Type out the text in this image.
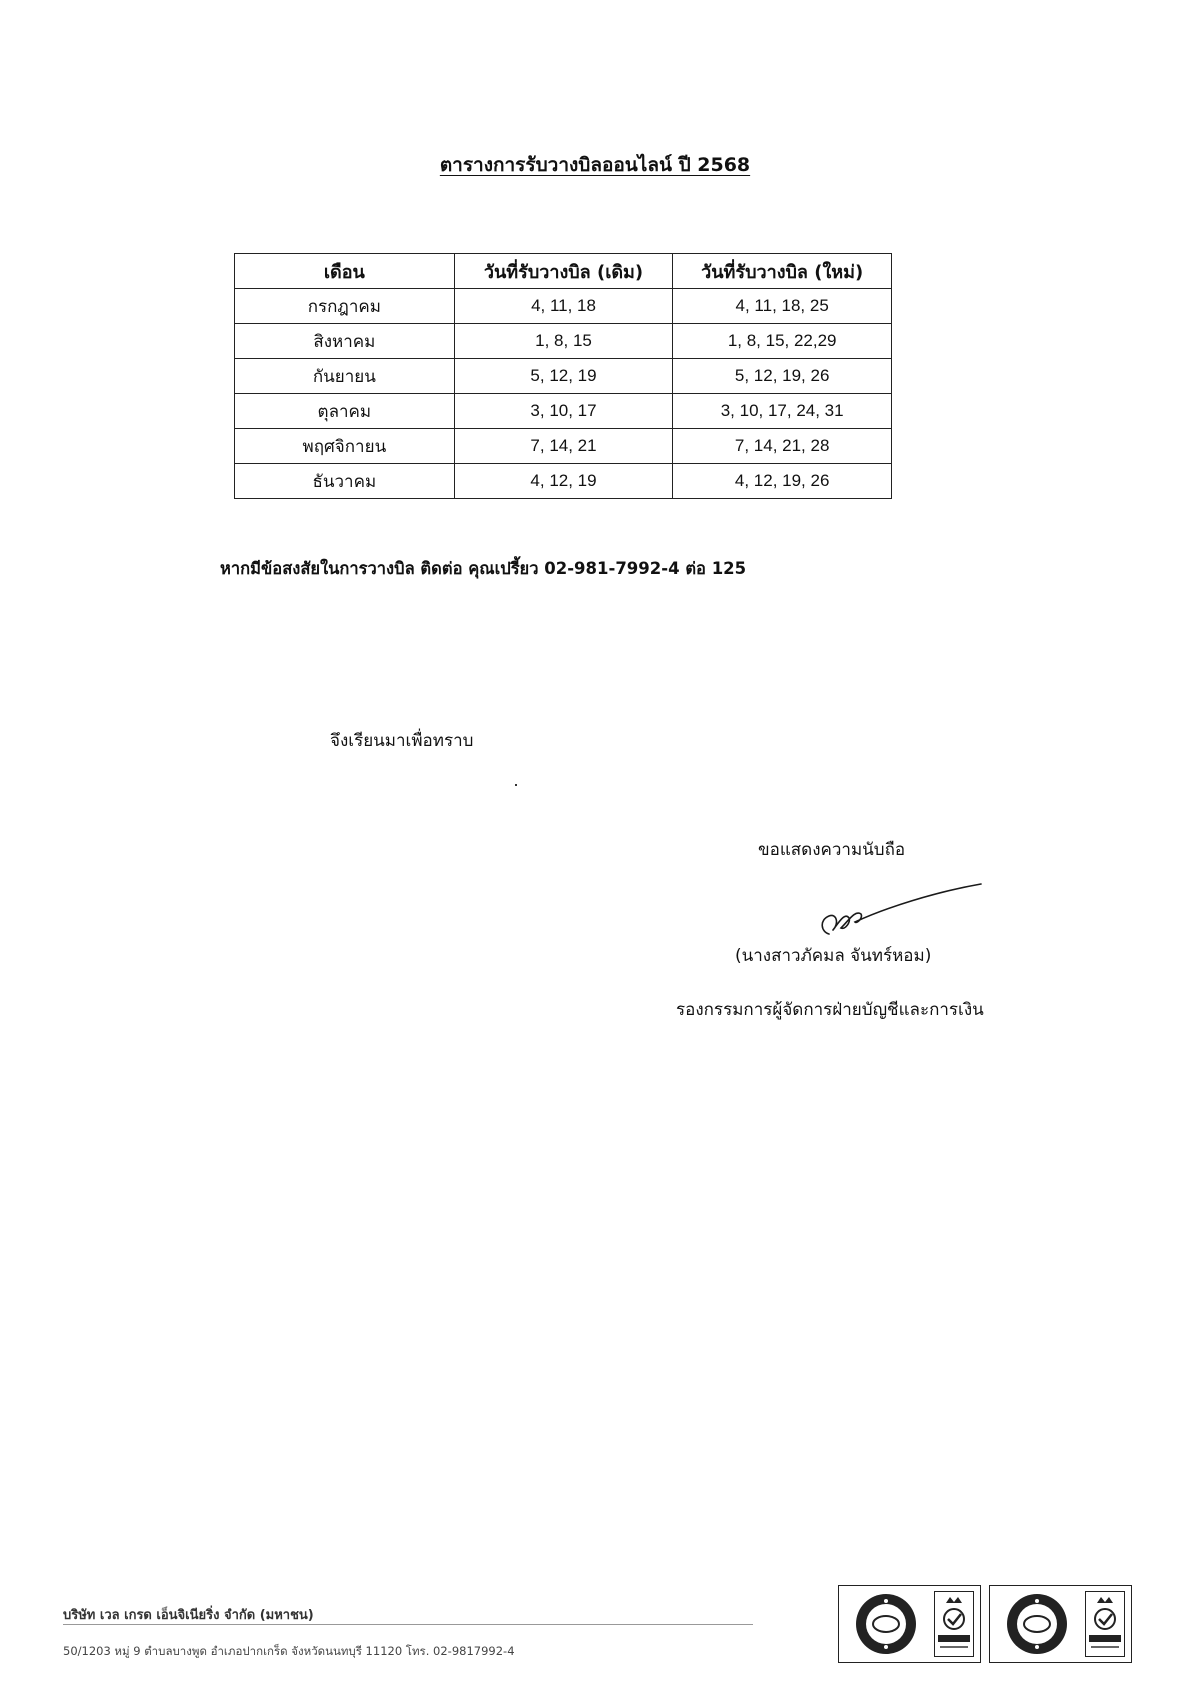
ตารางการรับวางบิลออนไลน์ ปี 2568
เดือน	วันที่รับวางบิล (เดิม)	วันที่รับวางบิล (ใหม่)
กรกฎาคม	4, 11, 18	4, 11, 18, 25
สิงหาคม	1, 8, 15	1, 8, 15, 22,29
กันยายน	5, 12, 19	5, 12, 19, 26
ตุลาคม	3, 10, 17	3, 10, 17, 24, 31
พฤศจิกายน	7, 14, 21	7, 14, 21, 28
ธันวาคม	4, 12, 19	4, 12, 19, 26
หากมีข้อสงสัยในการวางบิล ติดต่อ คุณเปรี้ยว 02-981-7992-4 ต่อ 125
จึงเรียนมาเพื่อทราบ
ขอแสดงความนับถือ
(นางสาวภัคมล จันทร์หอม)
รองกรรมการผู้จัดการฝ่ายบัญชีและการเงิน
บริษัท เวล เกรด เอ็นจิเนียริ่ง จำกัด (มหาชน)
50/1203 หมู่ 9 ตำบลบางพูด อำเภอปากเกร็ด จังหวัดนนทบุรี 11120 โทร. 02-9817992-4
